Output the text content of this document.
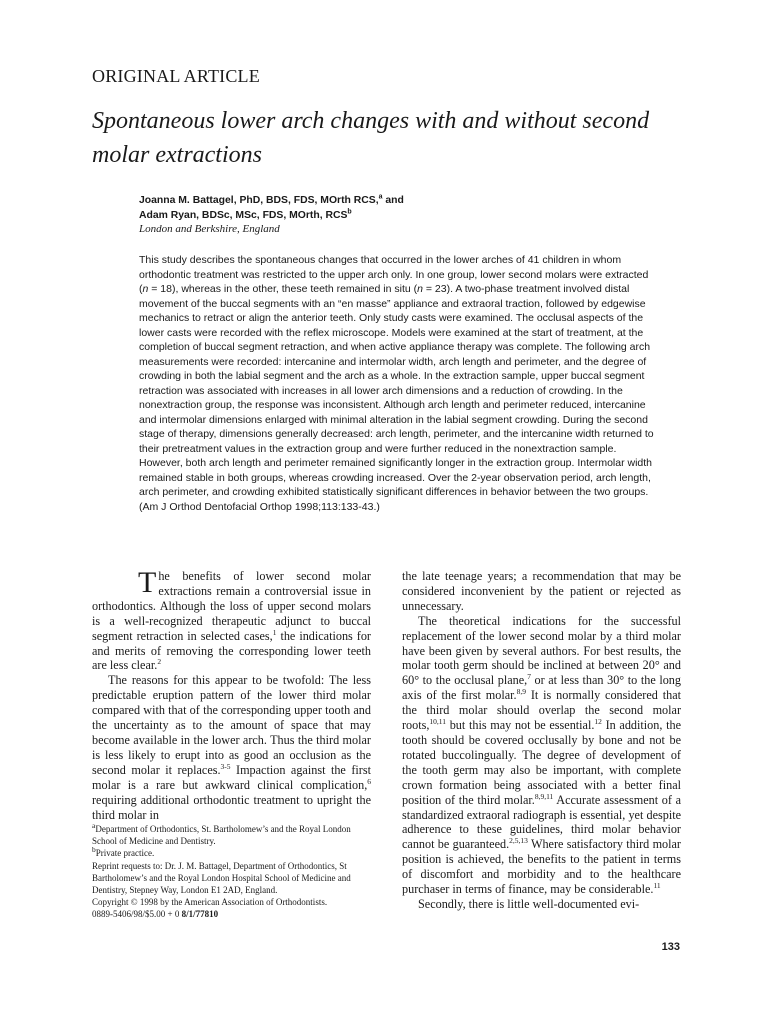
ORIGINAL ARTICLE
Spontaneous lower arch changes with and without second molar extractions
Joanna M. Battagel, PhD, BDS, FDS, MOrth RCS,$^a$ and
Adam Ryan, BDSc, MSc, FDS, MOrth, RCS$^b$
London and Berkshire, England

This study describes the spontaneous changes that occurred in the lower arches of 41 children in whom orthodontic treatment was restricted to the upper arch only. In one group, lower second molars were extracted (n = 18), whereas in the other, these teeth remained in situ (n = 23). A two-phase treatment involved distal movement of the buccal segments with an “en masse” appliance and extraoral traction, followed by edgewise mechanics to retract or align the anterior teeth. Only study casts were examined. The occlusal aspects of the lower casts were recorded with the reflex microscope. Models were examined at the start of treatment, at the completion of buccal segment retraction, and when active appliance therapy was complete. The following arch measurements were recorded: intercanine and intermolar width, arch length and perimeter, and the degree of crowding in both the labial segment and the arch as a whole. In the extraction sample, upper buccal segment retraction was associated with increases in all lower arch dimensions and a reduction of crowding. In the nonextraction group, the response was inconsistent. Although arch length and perimeter reduced, intercanine and intermolar dimensions enlarged with minimal alteration in the labial segment crowding. During the second stage of therapy, dimensions generally decreased: arch length, perimeter, and the intercanine width returned to their pretreatment values in the extraction group and were further reduced in the nonextraction sample. However, both arch length and perimeter remained significantly longer in the extraction group. Intermolar width remained stable in both groups, whereas crowding increased. Over the 2-year observation period, arch length, arch perimeter, and crowding exhibited statistically significant differences in behavior between the two groups. (Am J Orthod Dentofacial Orthop 1998;113:133-43.)

The benefits of lower second molar extractions remain a controversial issue in orthodontics. Although the loss of upper second molars is a well-recognized therapeutic adjunct to buccal segment retraction in selected cases,$^1$ the indications for and merits of removing the corresponding lower teeth are less clear.$^2$

The reasons for this appear to be twofold: The less predictable eruption pattern of the lower third molar compared with that of the corresponding upper tooth and the uncertainty as to the amount of space that may become available in the lower arch. Thus the third molar is less likely to erupt into as good an occlusion as the second molar it replaces.$^{3-5}$ Impaction against the first molar is a rare but awkward clinical complication,$^6$ requiring additional orthodontic treatment to upright the third molar in

the late teenage years; a recommendation that may be considered inconvenient by the patient or rejected as unnecessary.

The theoretical indications for the successful replacement of the lower second molar by a third molar have been given by several authors. For best results, the molar tooth germ should be inclined at between 20° and 60° to the occlusal plane,$^7$ or at less than 30° to the long axis of the first molar.$^{8,9}$ It is normally considered that the third molar should overlap the second molar roots,$^{10,11}$ but this may not be essential.$^{12}$ In addition, the tooth should be covered occlusally by bone and not be rotated buccolingually. The degree of development of the tooth germ may also be important, with complete crown formation being associated with a better final position of the third molar.$^{8,9,11}$ Accurate assessment of a standardized extraoral radiograph is essential, yet despite adherence to these guidelines, third molar behavior cannot be guaranteed.$^{2,5,13}$ Where satisfactory third molar position is achieved, the benefits to the patient in terms of discomfort and morbidity and to the healthcare purchaser in terms of finance, may be considerable.$^{11}$

Secondly, there is little well-documented evi-

$^a$Department of Orthodontics, St. Bartholomew’s and the Royal London School of Medicine and Dentistry.
$^b$Private practice.
Reprint requests to: Dr. J. M. Battagel, Department of Orthodontics, St Bartholomew’s and the Royal London Hospital School of Medicine and Dentistry, Stepney Way, London E1 2AD, England.
Copyright © 1998 by the American Association of Orthodontists.
0889-5406/98/$5.00 + 0 8/1/77810
133
